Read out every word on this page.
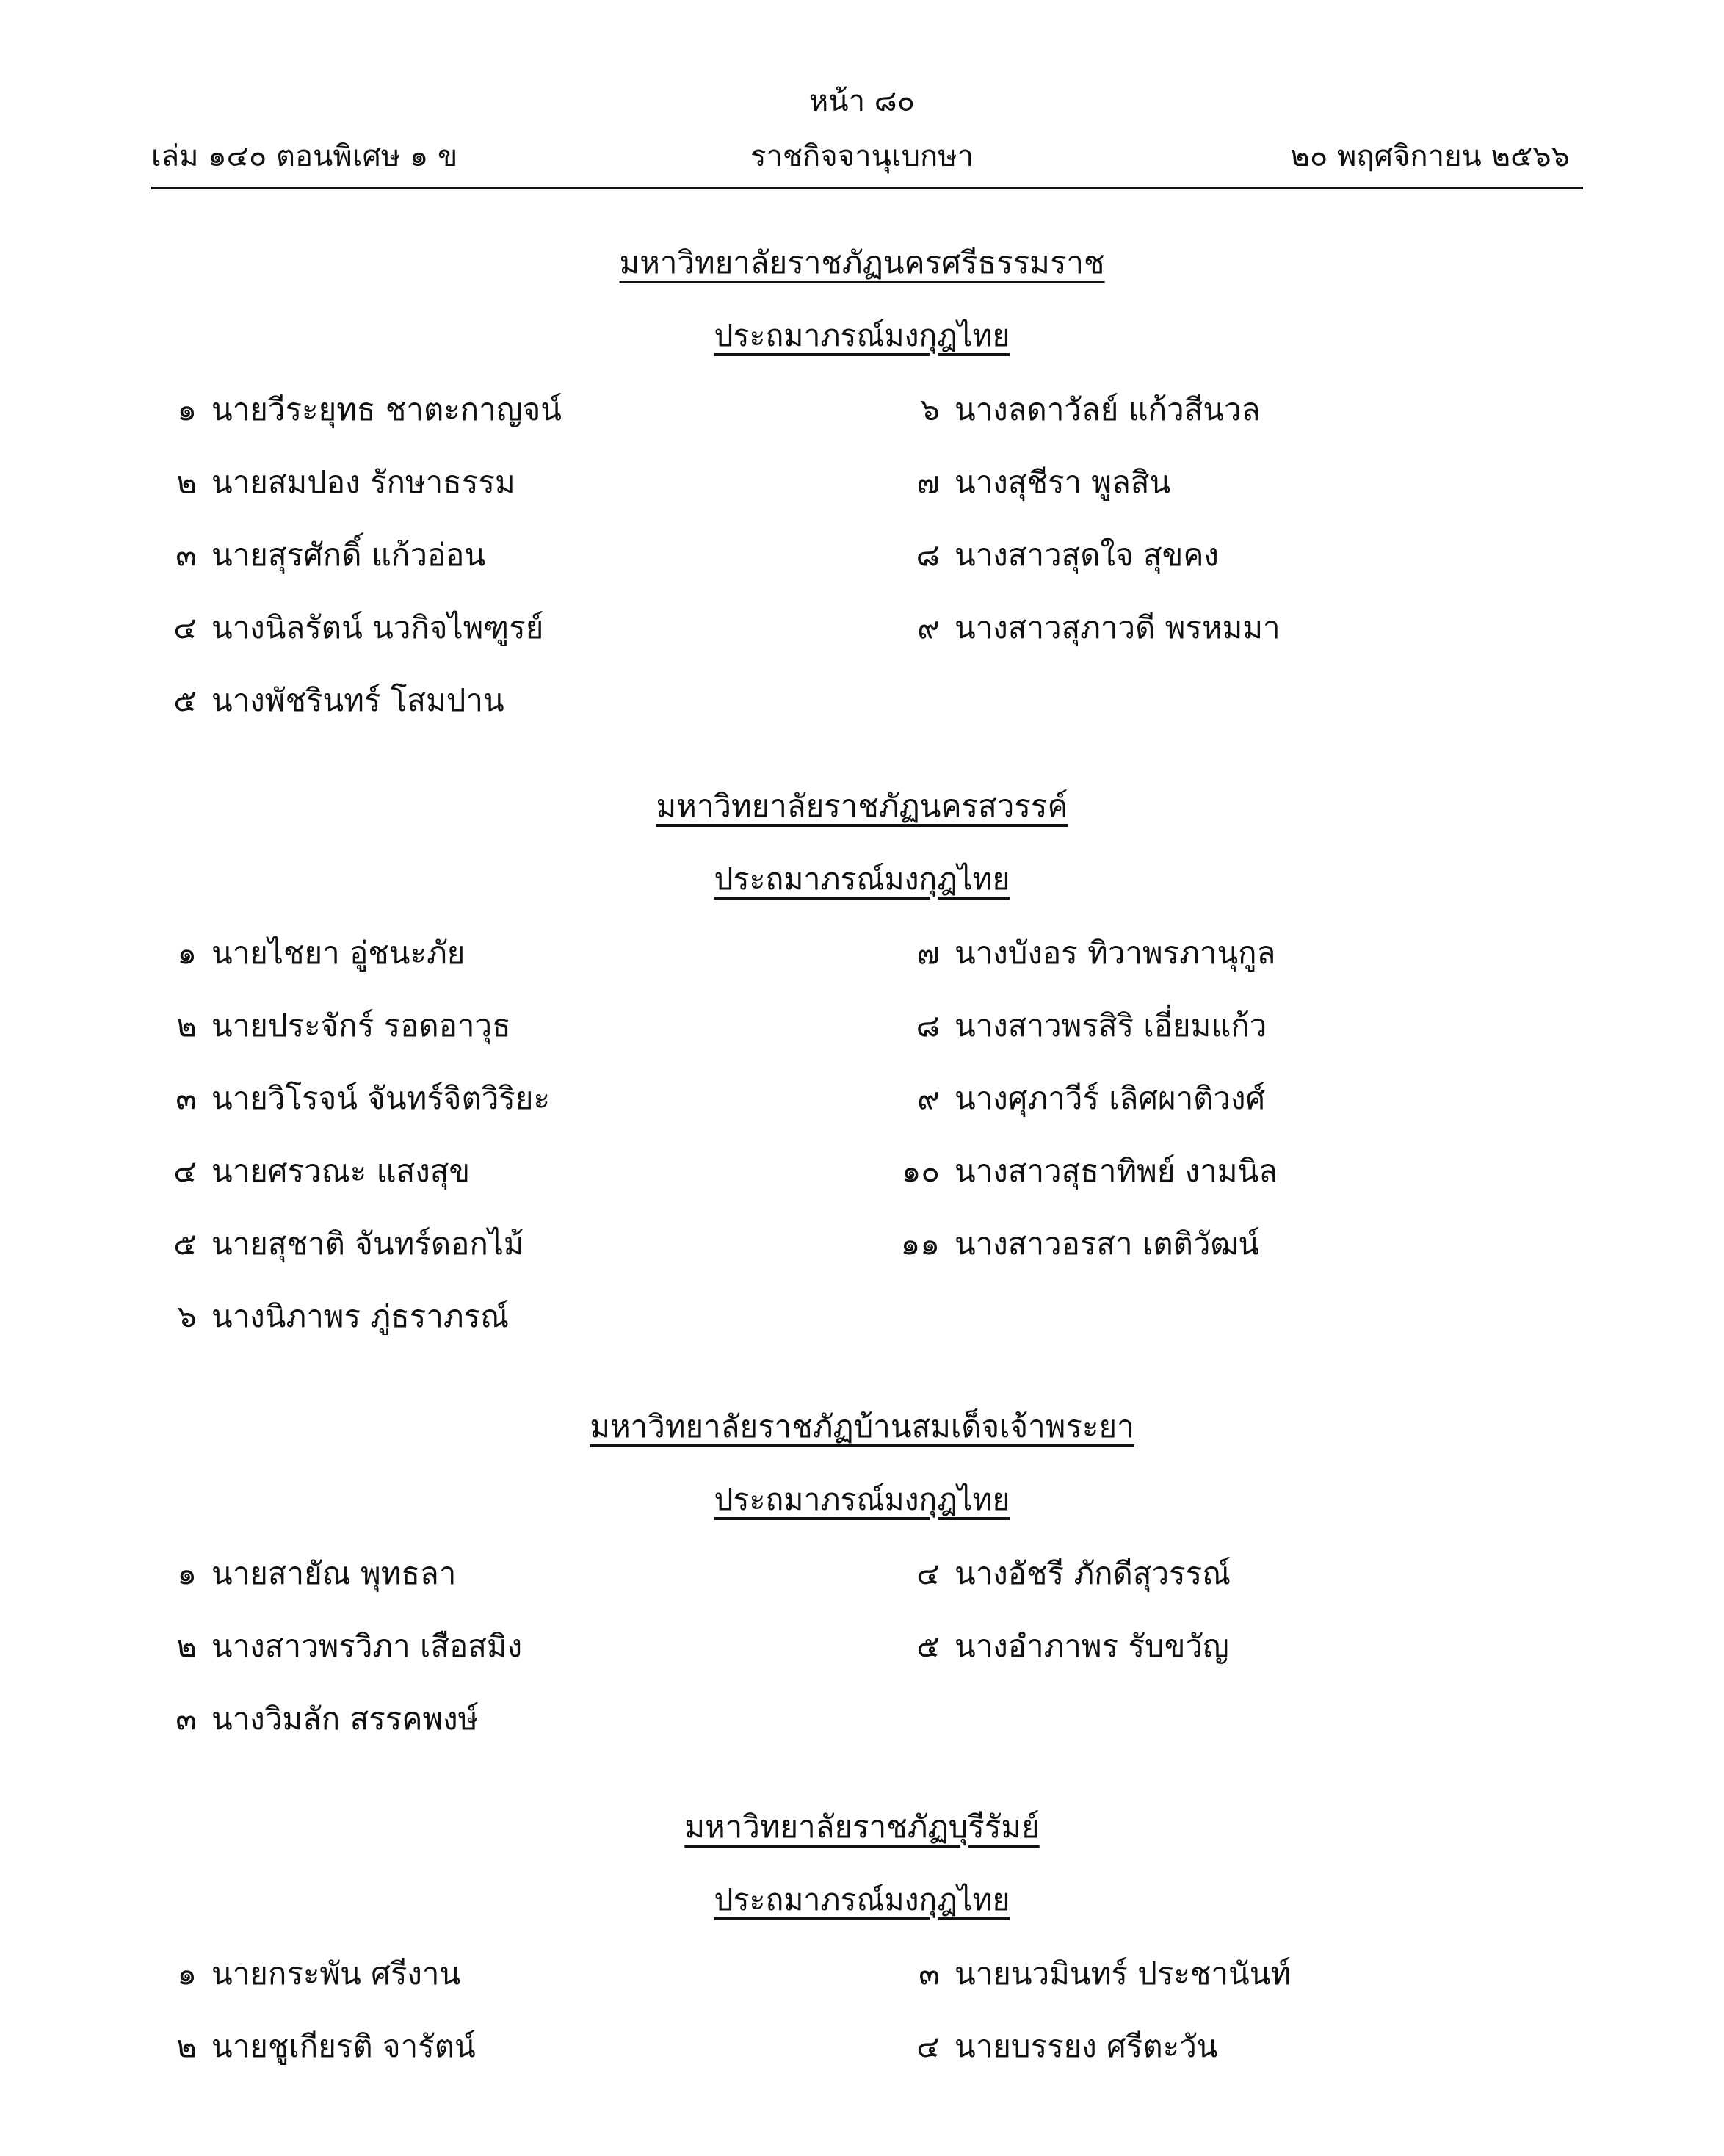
หน้า ๘๐
เล่ม ๑๔๐ ตอนพิเศษ ๑ ข	ราชกิจจานุเบกษา	๒๐ พฤศจิกายน ๒๕๖๖
มหาวิทยาลัยราชภัฏนครศรีธรรมราช
ประถมาภรณ์มงกุฎไทย
๑ นายวีระยุทธ ชาตะกาญจน์
๒ นายสมปอง รักษาธรรม
๓ นายสุรศักดิ์ แก้วอ่อน
๔ นางนิลรัตน์ นวกิจไพฑูรย์
๕ นางพัชรินทร์ โสมปาน
๖ นางลดาวัลย์ แก้วสีนวล
๗ นางสุชีรา พูลสิน
๘ นางสาวสุดใจ สุขคง
๙ นางสาวสุภาวดี พรหมมา
มหาวิทยาลัยราชภัฏนครสวรรค์
ประถมาภรณ์มงกุฎไทย
๑ นายไชยา อู่ชนะภัย
๒ นายประจักร์ รอดอาวุธ
๓ นายวิโรจน์ จันทร์จิตวิริยะ
๔ นายศรวณะ แสงสุข
๕ นายสุชาติ จันทร์ดอกไม้
๖ นางนิภาพร ภู่ธราภรณ์
๗ นางบังอร ทิวาพรภานุกูล
๘ นางสาวพรสิริ เอี่ยมแก้ว
๙ นางศุภาวีร์ เลิศผาติวงศ์
๑๐ นางสาวสุธาทิพย์ งามนิล
๑๑ นางสาวอรสา เตติวัฒน์
มหาวิทยาลัยราชภัฏบ้านสมเด็จเจ้าพระยา
ประถมาภรณ์มงกุฎไทย
๑ นายสายัณ พุทธลา
๒ นางสาวพรวิภา เสือสมิง
๓ นางวิมลัก สรรคพงษ์
๔ นางอัชรี ภักดีสุวรรณ์
๕ นางอำภาพร รับขวัญ
มหาวิทยาลัยราชภัฏบุรีรัมย์
ประถมาภรณ์มงกุฎไทย
๑ นายกระพัน ศรีงาน
๒ นายชูเกียรติ จารัตน์
๓ นายนวมินทร์ ประชานันท์
๔ นายบรรยง ศรีตะวัน
